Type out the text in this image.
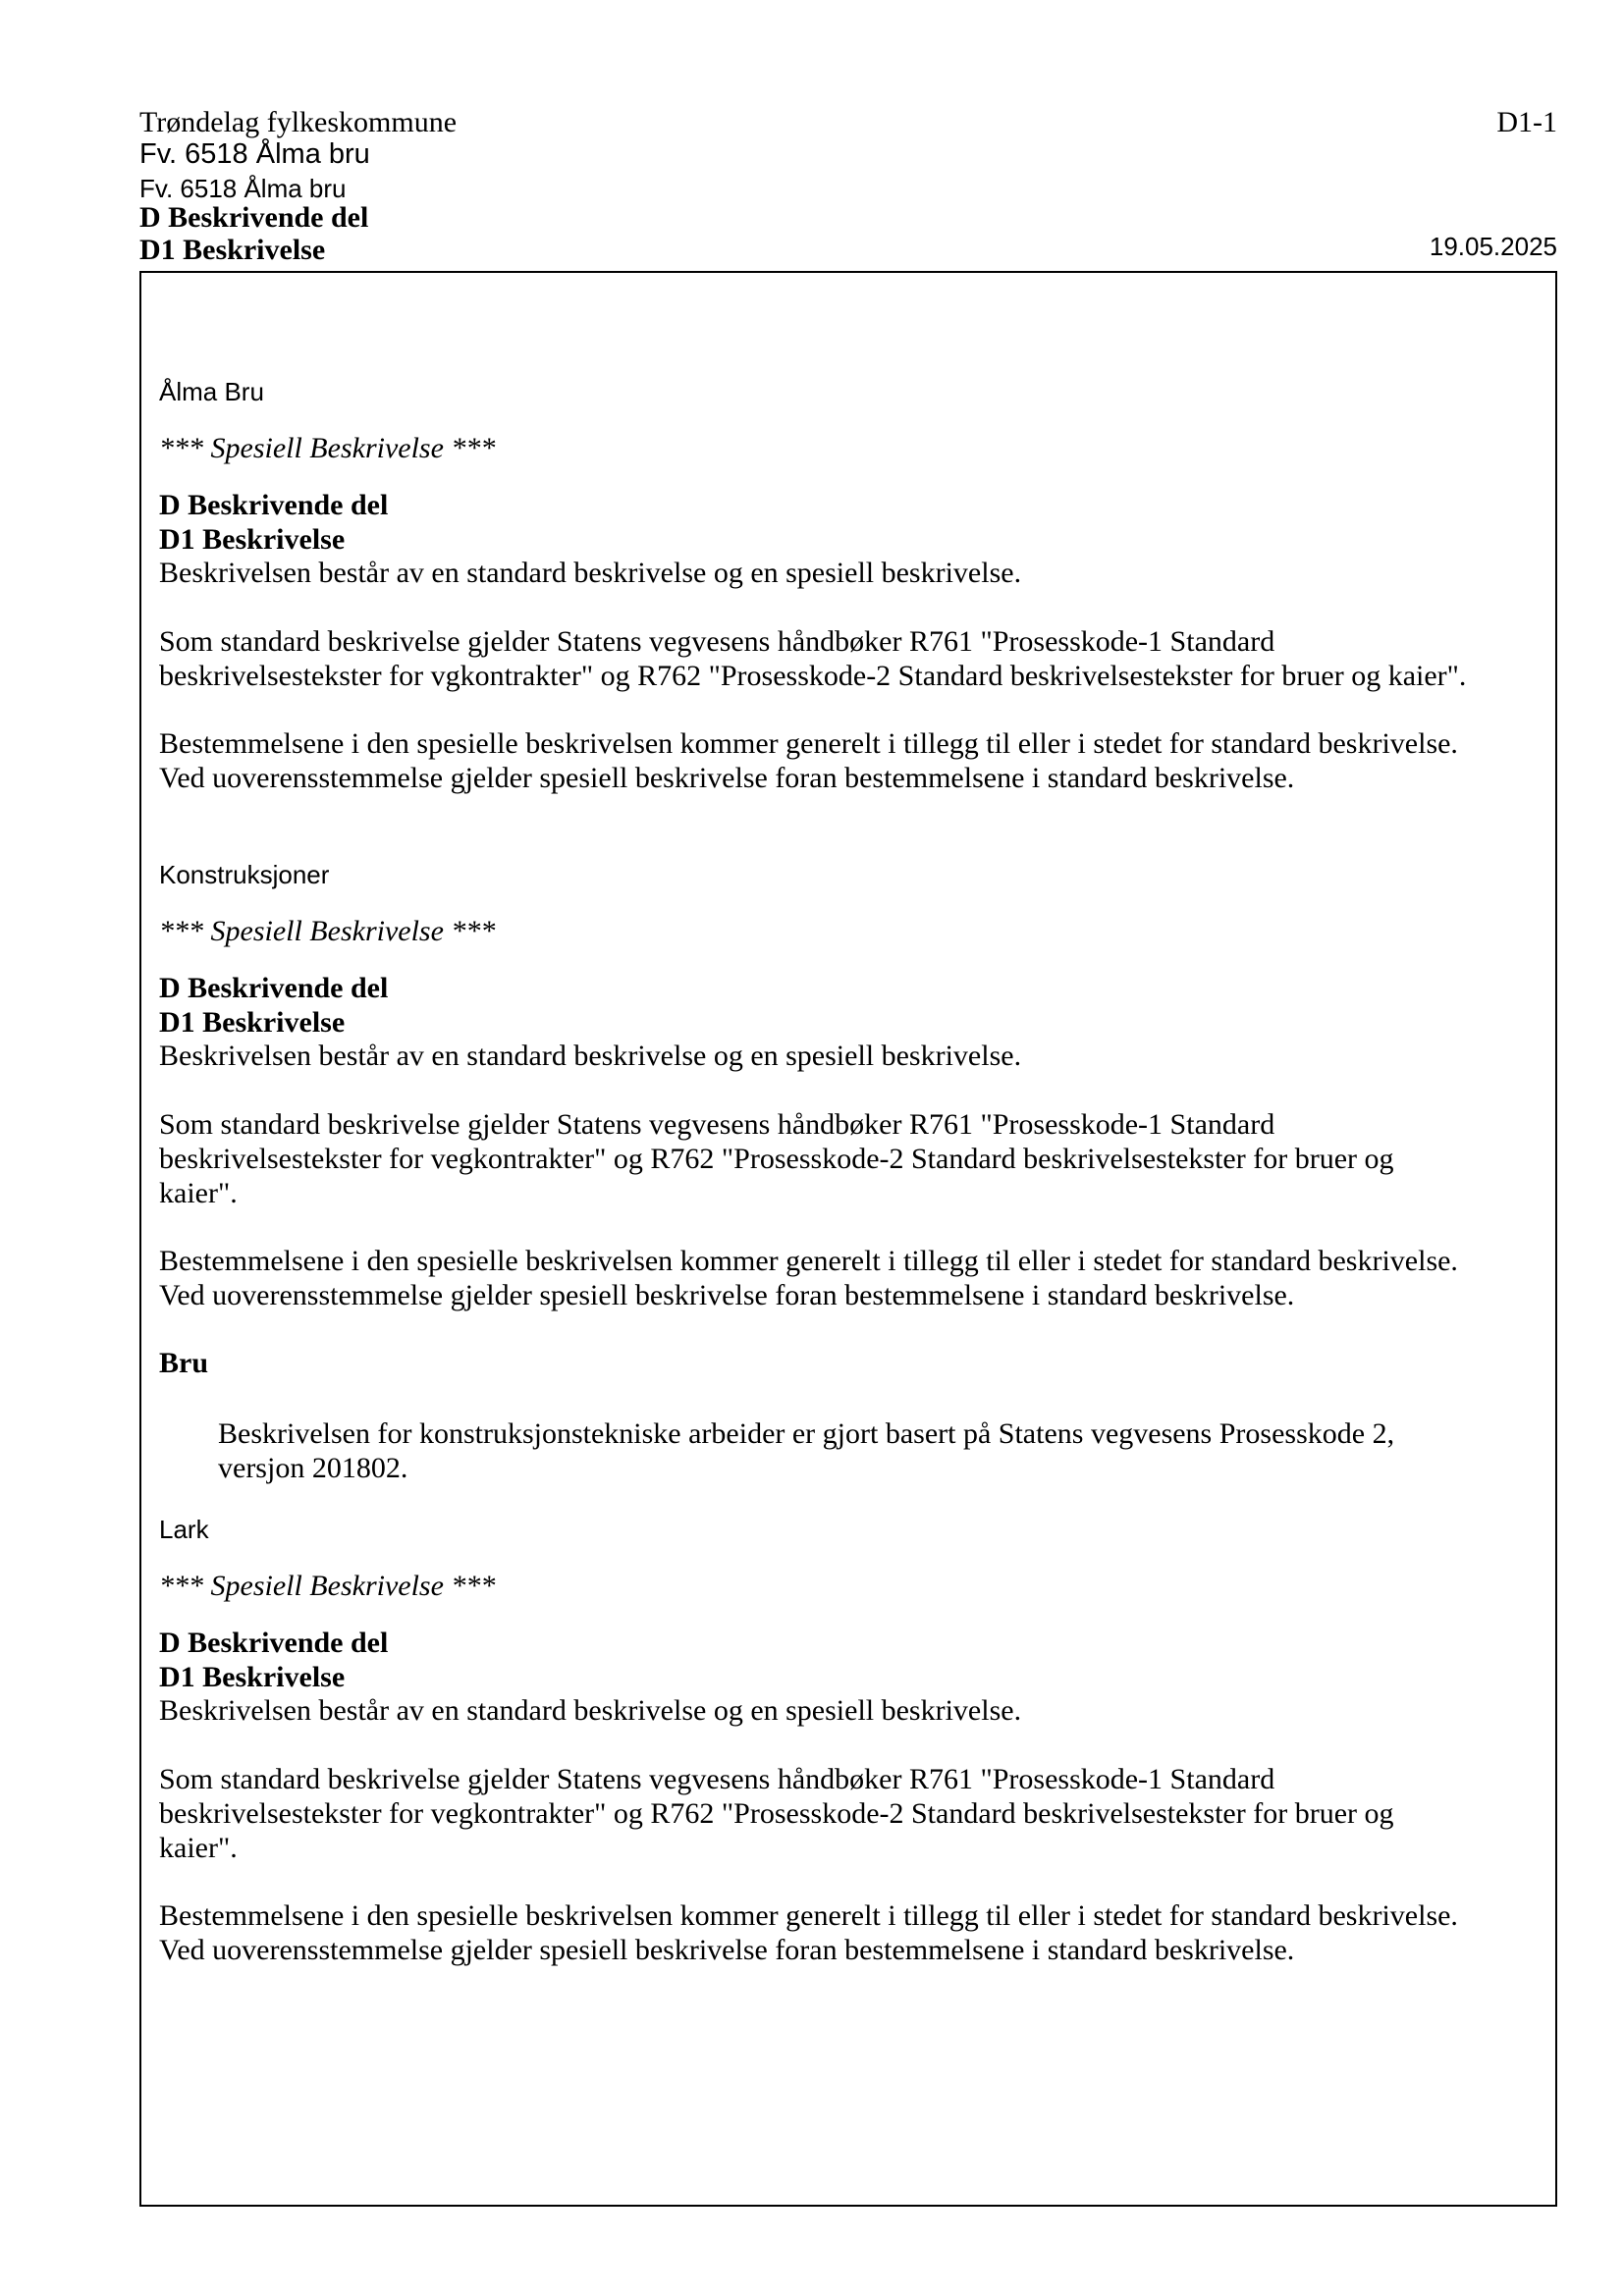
Trøndelag fylkeskommune
Fv. 6518 Ålma bru
Fv. 6518 Ålma bru
D Beskrivende del
D1 Beskrivelse
D1-1
19.05.2025
Ålma Bru
*** Spesiell Beskrivelse ***
D Beskrivende del
D1 Beskrivelse
Beskrivelsen består av en standard beskrivelse og en spesiell beskrivelse.
Som standard beskrivelse gjelder Statens vegvesens håndbøker R761 "Prosesskode-1 Standard
beskrivelsestekster for vgkontrakter" og R762 "Prosesskode-2 Standard beskrivelsestekster for bruer og kaier".
Bestemmelsene i den spesielle beskrivelsen kommer generelt i tillegg til eller i stedet for standard beskrivelse.
Ved uoverensstemmelse gjelder spesiell beskrivelse foran bestemmelsene i standard beskrivelse.
Konstruksjoner
*** Spesiell Beskrivelse ***
D Beskrivende del
D1 Beskrivelse
Beskrivelsen består av en standard beskrivelse og en spesiell beskrivelse.
Som standard beskrivelse gjelder Statens vegvesens håndbøker R761 "Prosesskode-1 Standard
beskrivelsestekster for vegkontrakter" og R762 "Prosesskode-2 Standard beskrivelsestekster for bruer og
kaier".
Bestemmelsene i den spesielle beskrivelsen kommer generelt i tillegg til eller i stedet for standard beskrivelse.
Ved uoverensstemmelse gjelder spesiell beskrivelse foran bestemmelsene i standard beskrivelse.
Bru
Beskrivelsen for konstruksjonstekniske arbeider er gjort basert på Statens vegvesens Prosesskode 2,
versjon 201802.
Lark
*** Spesiell Beskrivelse ***
D Beskrivende del
D1 Beskrivelse
Beskrivelsen består av en standard beskrivelse og en spesiell beskrivelse.
Som standard beskrivelse gjelder Statens vegvesens håndbøker R761 "Prosesskode-1 Standard
beskrivelsestekster for vegkontrakter" og R762 "Prosesskode-2 Standard beskrivelsestekster for bruer og
kaier".
Bestemmelsene i den spesielle beskrivelsen kommer generelt i tillegg til eller i stedet for standard beskrivelse.
Ved uoverensstemmelse gjelder spesiell beskrivelse foran bestemmelsene i standard beskrivelse.
